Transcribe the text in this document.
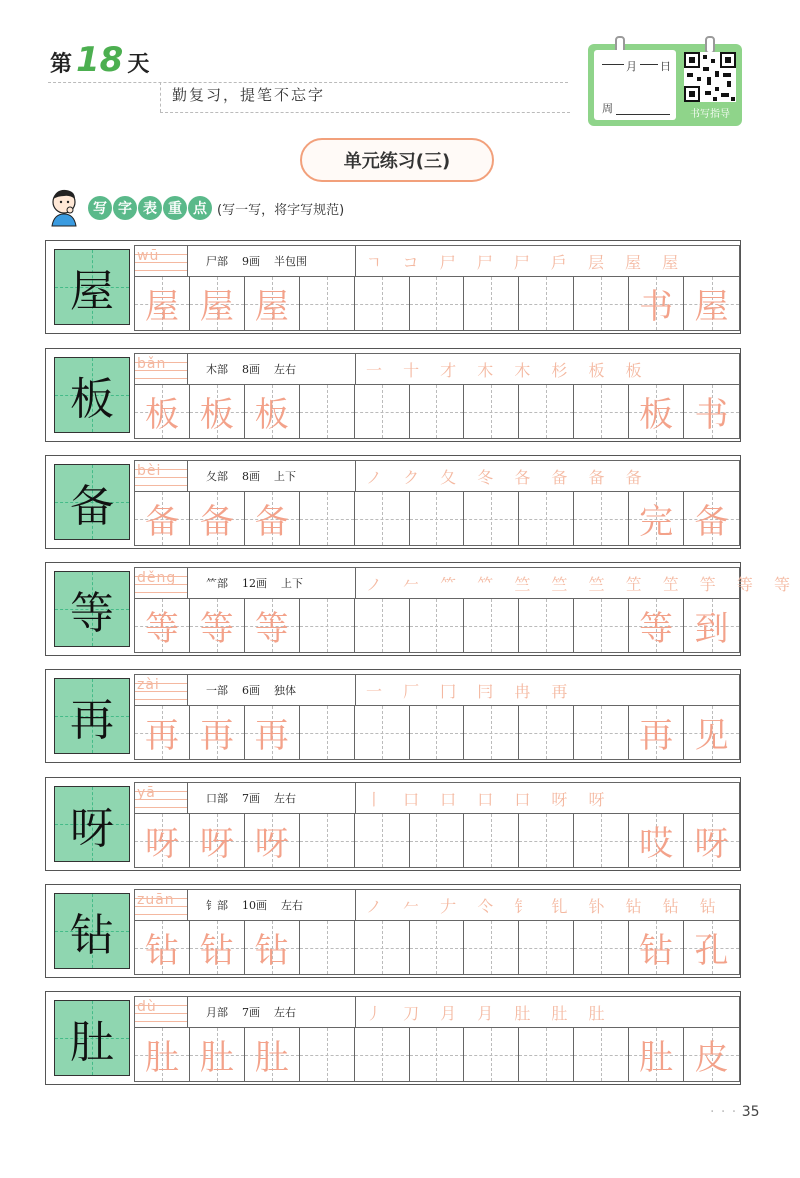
第 18 天
勤复习，提笔不忘字
月 日
周	书写指导
单元练习(三)
写 字 表 重 点 (写一写，将字写规范)
屋
wū	尸部 9画 半包围	ㄱ コ 尸 尸 尸 戶 层 屋 屋
屋 屋 屋	书 屋
板
bǎn	木部 8画 左右	一 十 才 木 木 杉 板 板
板 板 板	板 书
备
bèi	夂部 8画 上下	ノ ク 夂 冬 各 备 备 备
备 备 备	完 备
等
děng	⺮部 12画 上下	ノ 𠂉 ⺮ 𥫗 竺 竺 竺 笁 笁 竽 等 等
等 等 等	等 到
再
zài	一部 6画 独体	一 厂 冂 冃 冉 再
再 再 再	再 见
呀
yā	口部 7画 左右	丨 口 口 口 口 呀 呀
呀 呀 呀	哎 呀
钻
zuān	钅部 10画 左右	ノ 𠂉 𠂇 仒 钅 钆 钋 钻 钻 钻
钻 钻 钻	钻 孔
肚
dù	月部 7画 左右	丿 刀 月 月 肚 肚 肚
肚 肚 肚	肚 皮
· · · 35
